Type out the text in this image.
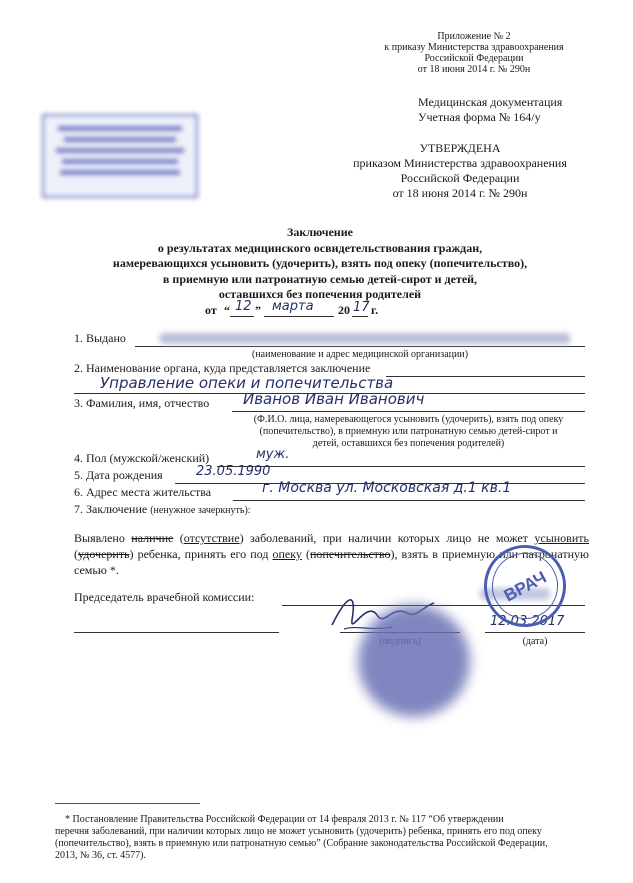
Приложение № 2
к приказу Министерства здравоохранения
Российской Федерации
от 18 июня 2014 г. № 290н
Медицинская документация
Учетная форма № 164/у
УТВЕРЖДЕНА
приказом Министерства здравоохранения
Российской Федерации
от 18 июня 2014 г. № 290н
Заключение
о результатах медицинского освидетельствования граждан,
намеревающихся усыновить (удочерить), взять под опеку (попечительство),
в приемную или патронатную семью детей-сирот и детей,
оставшихся без попечения родителей
от “ 12 ” марта 20 17 г.
1. Выдано
(наименование и адрес медицинской организации)
2. Наименование органа, куда представляется заключение
Управление опеки и попечительства
3. Фамилия, имя, отчество Иванов Иван Иванович
(Ф.И.О. лица, намеревающегося усыновить (удочерить), взять под опеку
(попечительство), в приемную или патронатную семью детей-сирот и
детей, оставшихся без попечения родителей)
4. Пол (мужской/женский)	муж.
5. Дата рождения	23.05.1990
6. Адрес места жительства	г. Москва ул. Московская д.1 кв.1
7. Заключение (ненужное зачеркнуть):
Выявлено наличие (отсутствие) заболеваний, при наличии которых лицо не может усыновить (удочерить) ребенка, принять его под опеку (попечительство), взять в приемную или патронатную семью *.
Председатель врачебной комиссии:
(дата)
12.03.2017
ВРАЧ
* Постановление Правительства Российской Федерации от 14 февраля 2013 г. № 117 “Об утверждении
перечня заболеваний, при наличии которых лицо не может усыновить (удочерить) ребенка, принять его под опеку
(попечительство), взять в приемную или патронатную семью” (Собрание законодательства Российской Федерации,
2013, № 36, ст. 4577).
